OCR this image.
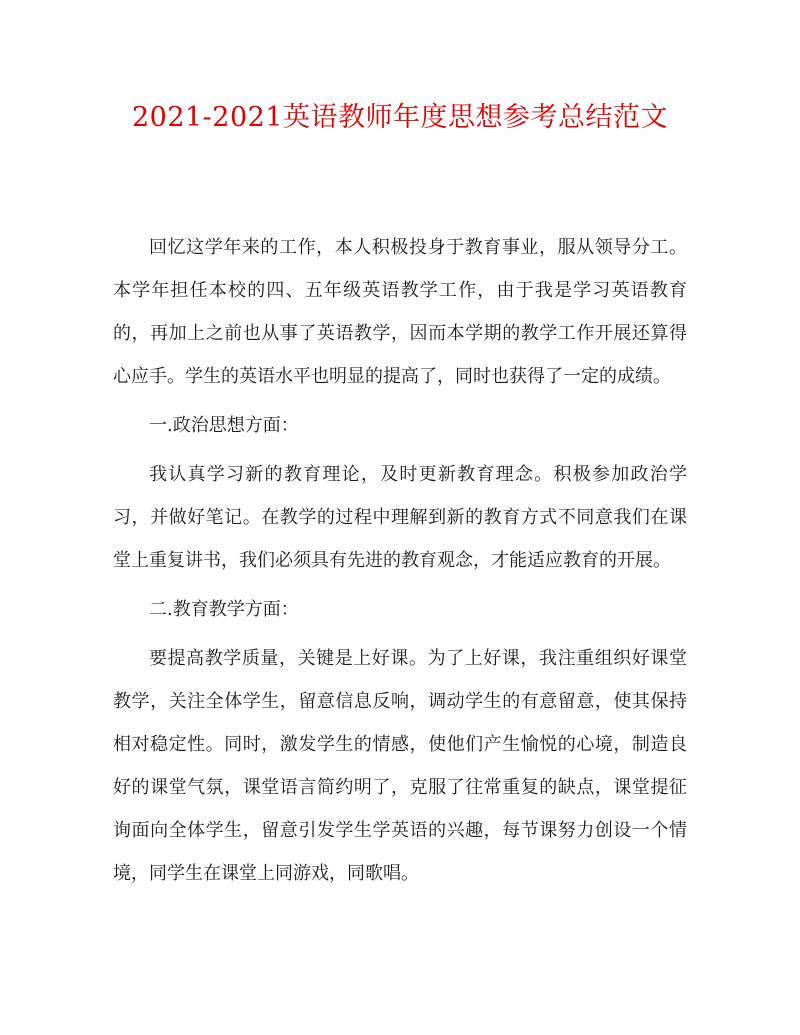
2021-2021英语教师年度思想参考总结范文

回忆这学年来的工作，本人积极投身于教育事业，服从领导分工。本学年担任本校的四、五年级英语教学工作，由于我是学习英语教育的，再加上之前也从事了英语教学，因而本学期的教学工作开展还算得心应手。学生的英语水平也明显的提高了，同时也获得了一定的成绩。

一.政治思想方面：

我认真学习新的教育理论，及时更新教育理念。积极参加政治学习，并做好笔记。在教学的过程中理解到新的教育方式不同意我们在课堂上重复讲书，我们必须具有先进的教育观念，才能适应教育的开展。

二.教育教学方面：

要提高教学质量，关键是上好课。为了上好课，我注重组织好课堂教学，关注全体学生，留意信息反响，调动学生的有意留意，使其保持相对稳定性。同时，激发学生的情感，使他们产生愉悦的心境，制造良好的课堂气氛，课堂语言简约明了，克服了往常重复的缺点，课堂提征询面向全体学生，留意引发学生学英语的兴趣，每节课努力创设一个情境，同学生在课堂上同游戏，同歌唱。
